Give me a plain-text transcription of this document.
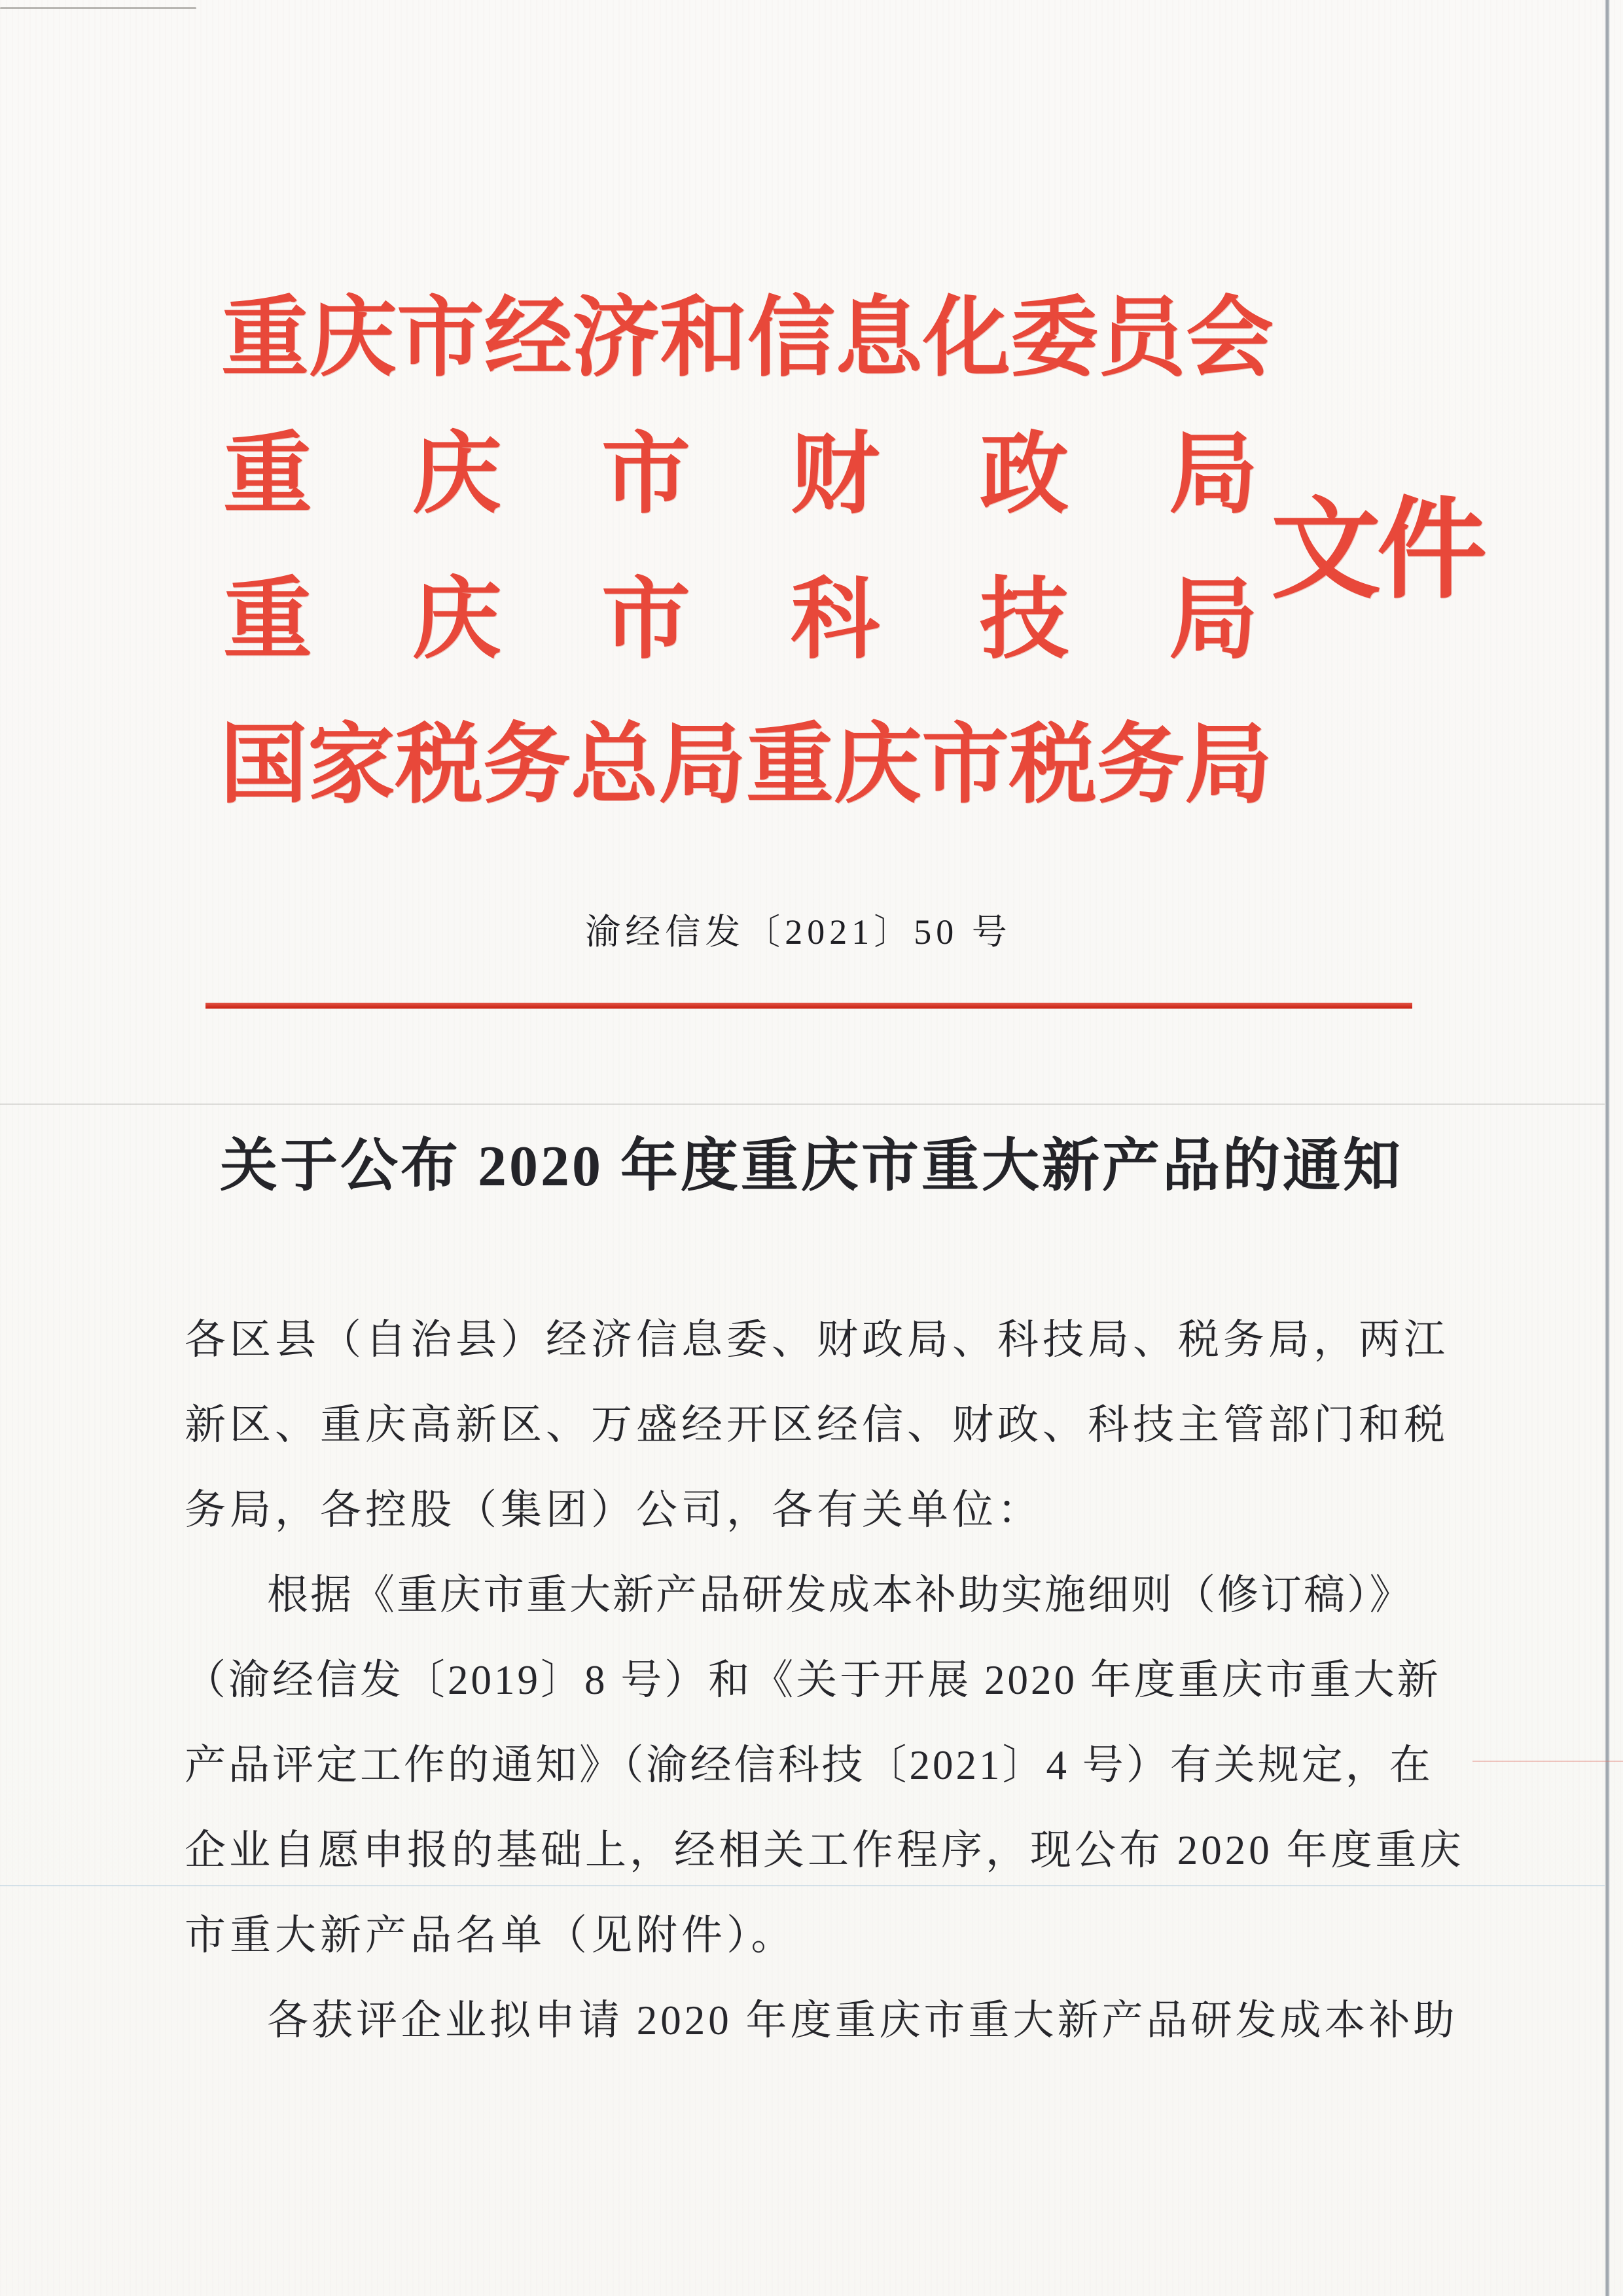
重庆市经济和信息化委员会
重庆市财政局
重庆市科技局
国家税务总局重庆市税务局
文件
渝经信发〔2021〕50 号
关于公布 2020 年度重庆市重大新产品的通知
各区县（自治县）经济信息委、财政局、科技局、税务局，两江
新区、重庆高新区、万盛经开区经信、财政、科技主管部门和税
务局，各控股（集团）公司，各有关单位：
根据《重庆市重大新产品研发成本补助实施细则（修订稿）》
（渝经信发〔2019〕8 号）和《关于开展 2020 年度重庆市重大新
产品评定工作的通知》（渝经信科技〔2021〕4 号）有关规定，在
企业自愿申报的基础上，经相关工作程序，现公布 2020 年度重庆
市重大新产品名单（见附件）。
各获评企业拟申请 2020 年度重庆市重大新产品研发成本补助
